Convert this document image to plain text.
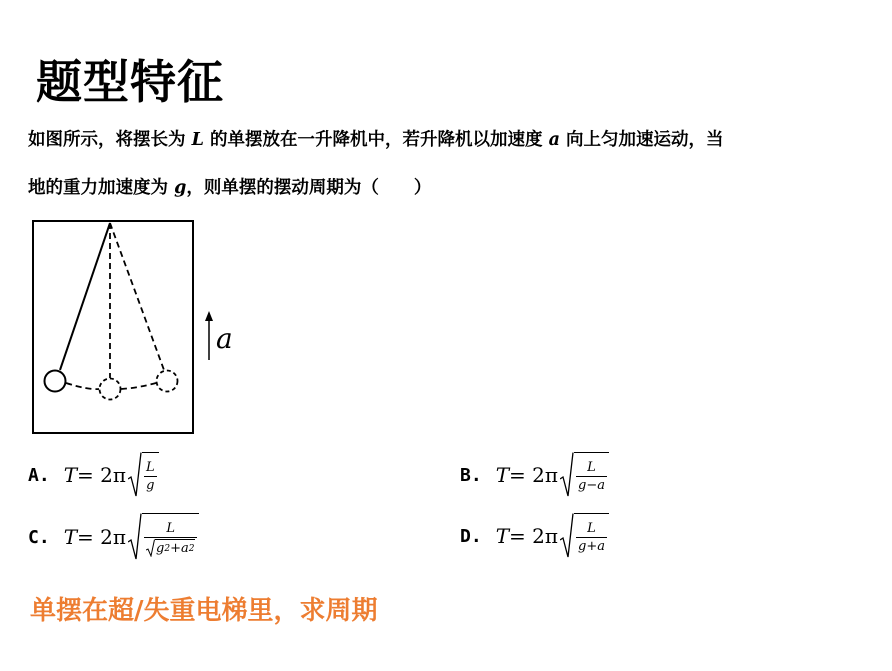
题型特征
如图所示，将摆长为 L 的单摆放在一升降机中，若升降机以加速度 a 向上匀加速运动，当
地的重力加速度为 g，则单摆的摆动周期为（　　）
a
A. $T = 2\pi \frac{L}{g}$	B. $T = 2\pi \frac{L}{g-a}$
C. $T = 2\pi \frac{L}{g 2 +a 2}$	D. $T = 2\pi \frac{L}{g+a}$
单摆在超/失重电梯里，求周期
